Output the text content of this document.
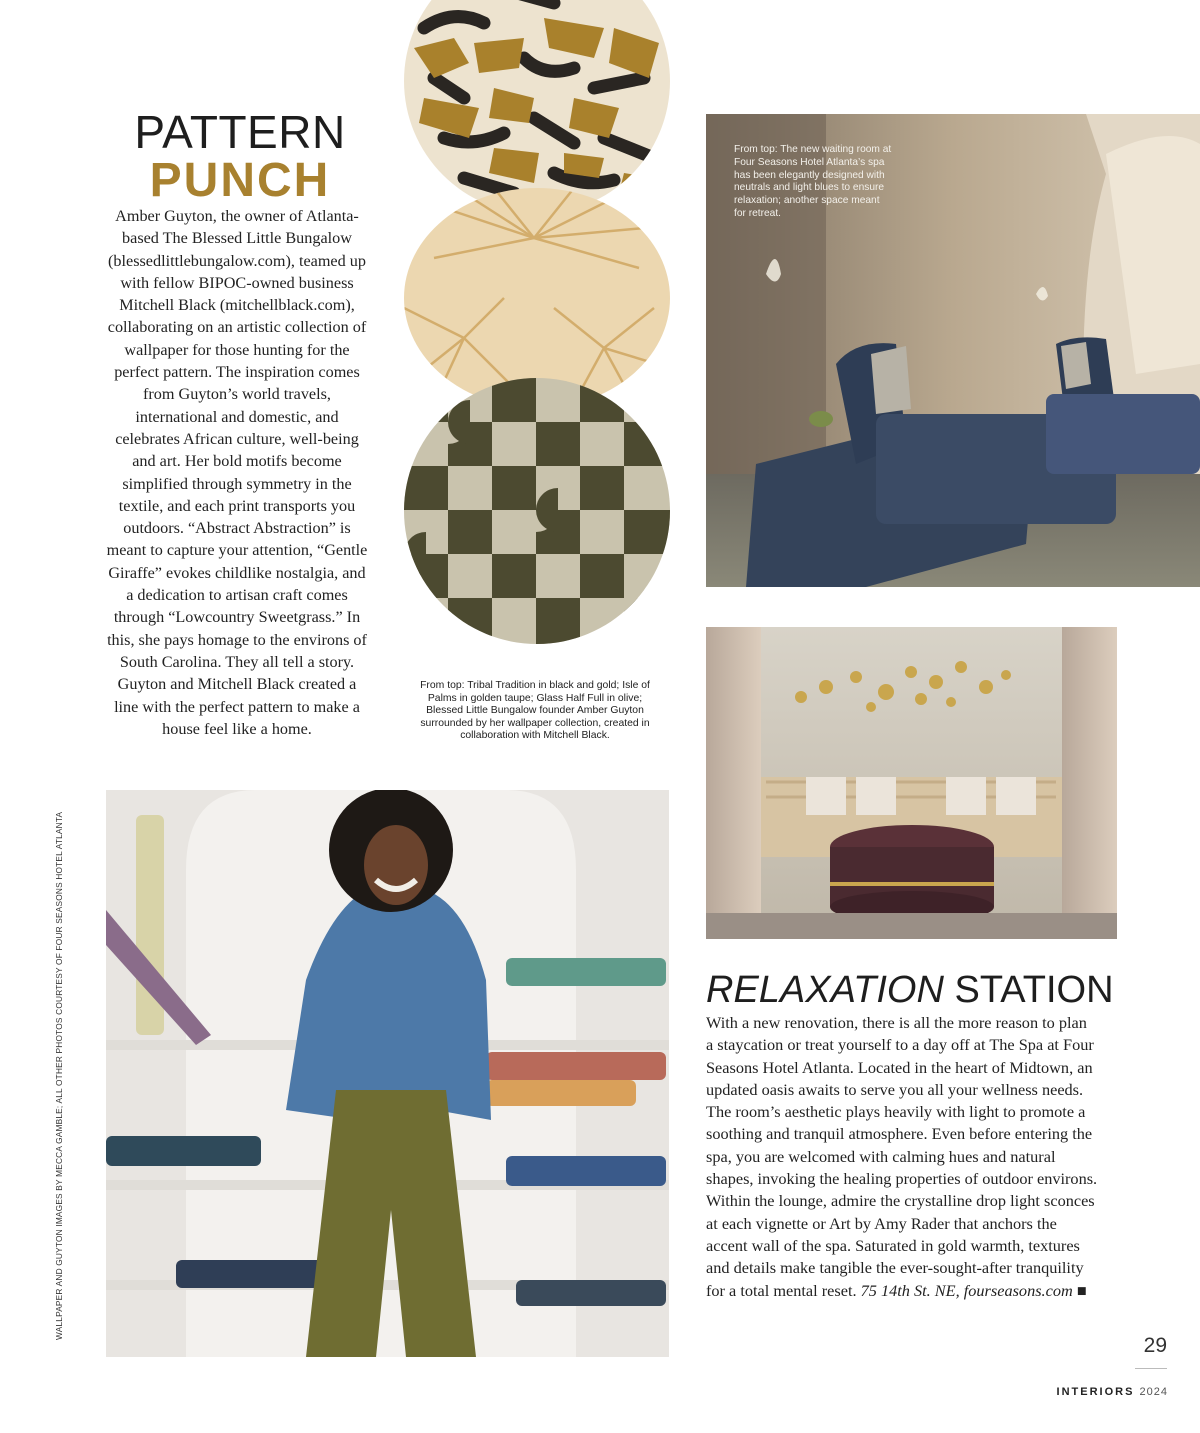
PATTERN
PUNCH
Amber Guyton, the owner of Atlanta-based The Blessed Little Bungalow (blessedlittlebungalow.com), teamed up with fellow BIPOC-owned business Mitchell Black (mitchellblack.com), collaborating on an artistic collection of wallpaper for those hunting for the perfect pattern. The inspiration comes from Guyton’s world travels, international and domestic, and celebrates African culture, well-being and art. Her bold motifs become simplified through symmetry in the textile, and each print transports you outdoors. “Abstract Abstraction” is meant to capture your attention, “Gentle Giraffe” evokes childlike nostalgia, and a dedication to artisan craft comes through “Lowcountry Sweetgrass.” In this, she pays homage to the environs of South Carolina. They all tell a story. Guyton and Mitchell Black created a line with the perfect pattern to make a house feel like a home.
From top: Tribal Tradition in black and gold; Isle of Palms in golden taupe; Glass Half Full in olive; Blessed Little Bungalow founder Amber Guyton surrounded by her wallpaper collection, created in collaboration with Mitchell Black.
From top: The new waiting room at Four Seasons Hotel Atlanta’s spa has been elegantly designed with neutrals and light blues to ensure relaxation; another space meant for retreat.
RELAXATION STATION
With a new renovation, there is all the more reason to plan a staycation or treat yourself to a day off at The Spa at Four Seasons Hotel Atlanta. Located in the heart of Midtown, an updated oasis awaits to serve you all your wellness needs. The room’s aesthetic plays heavily with light to promote a soothing and tranquil atmosphere. Even before entering the spa, you are welcomed with calming hues and natural shapes, invoking the healing properties of outdoor environs. Within the lounge, admire the crystalline drop light sconces at each vignette or Art by Amy Rader that anchors the accent wall of the spa. Saturated in gold warmth, textures and details make tangible the ever-sought-after tranquility for a total mental reset. 75 14th St. NE, fourseasons.com ■
WALLPAPER AND GUYTON IMAGES BY MECCA GAMBLE; ALL OTHER PHOTOS COURTESY OF FOUR SEASONS HOTEL ATLANTA
29
INTERIORS 2024
